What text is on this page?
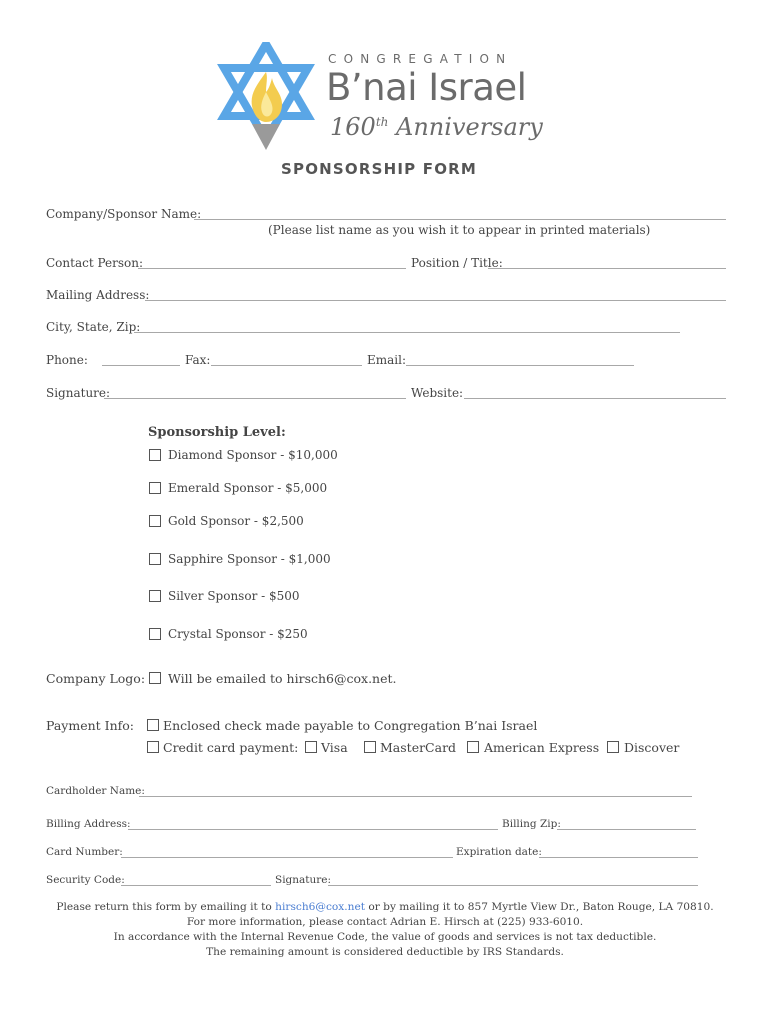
CONGREGATION
B’nai Israel
160th Anniversary
SPONSORSHIP FORM
Company/Sponsor Name:
(Please list name as you wish it to appear in printed materials)
Contact Person:	Position / Title:
Mailing Address:
City, State, Zip:
Phone:	Fax:	Email:
Signature:	Website:
Sponsorship Level:
Diamond Sponsor - $10,000
Emerald Sponsor - $5,000
Gold Sponsor - $2,500
Sapphire Sponsor - $1,000
Silver Sponsor - $500
Crystal Sponsor - $250
Company Logo: Will be emailed to hirsch6@cox.net.
Payment Info: Enclosed check made payable to Congregation B’nai Israel
Credit card payment: Visa	MasterCard American Express Discover
Cardholder Name:
Billing Address:	Billing Zip:
Card Number:	Expiration date:
Security Code:	Signature:
Please return this form by emailing it to hirsch6@cox.net or by mailing it to 857 Myrtle View Dr., Baton Rouge, LA 70810.
For more information, please contact Adrian E. Hirsch at (225) 933-6010.
In accordance with the Internal Revenue Code, the value of goods and services is not tax deductible.
The remaining amount is considered deductible by IRS Standards.
